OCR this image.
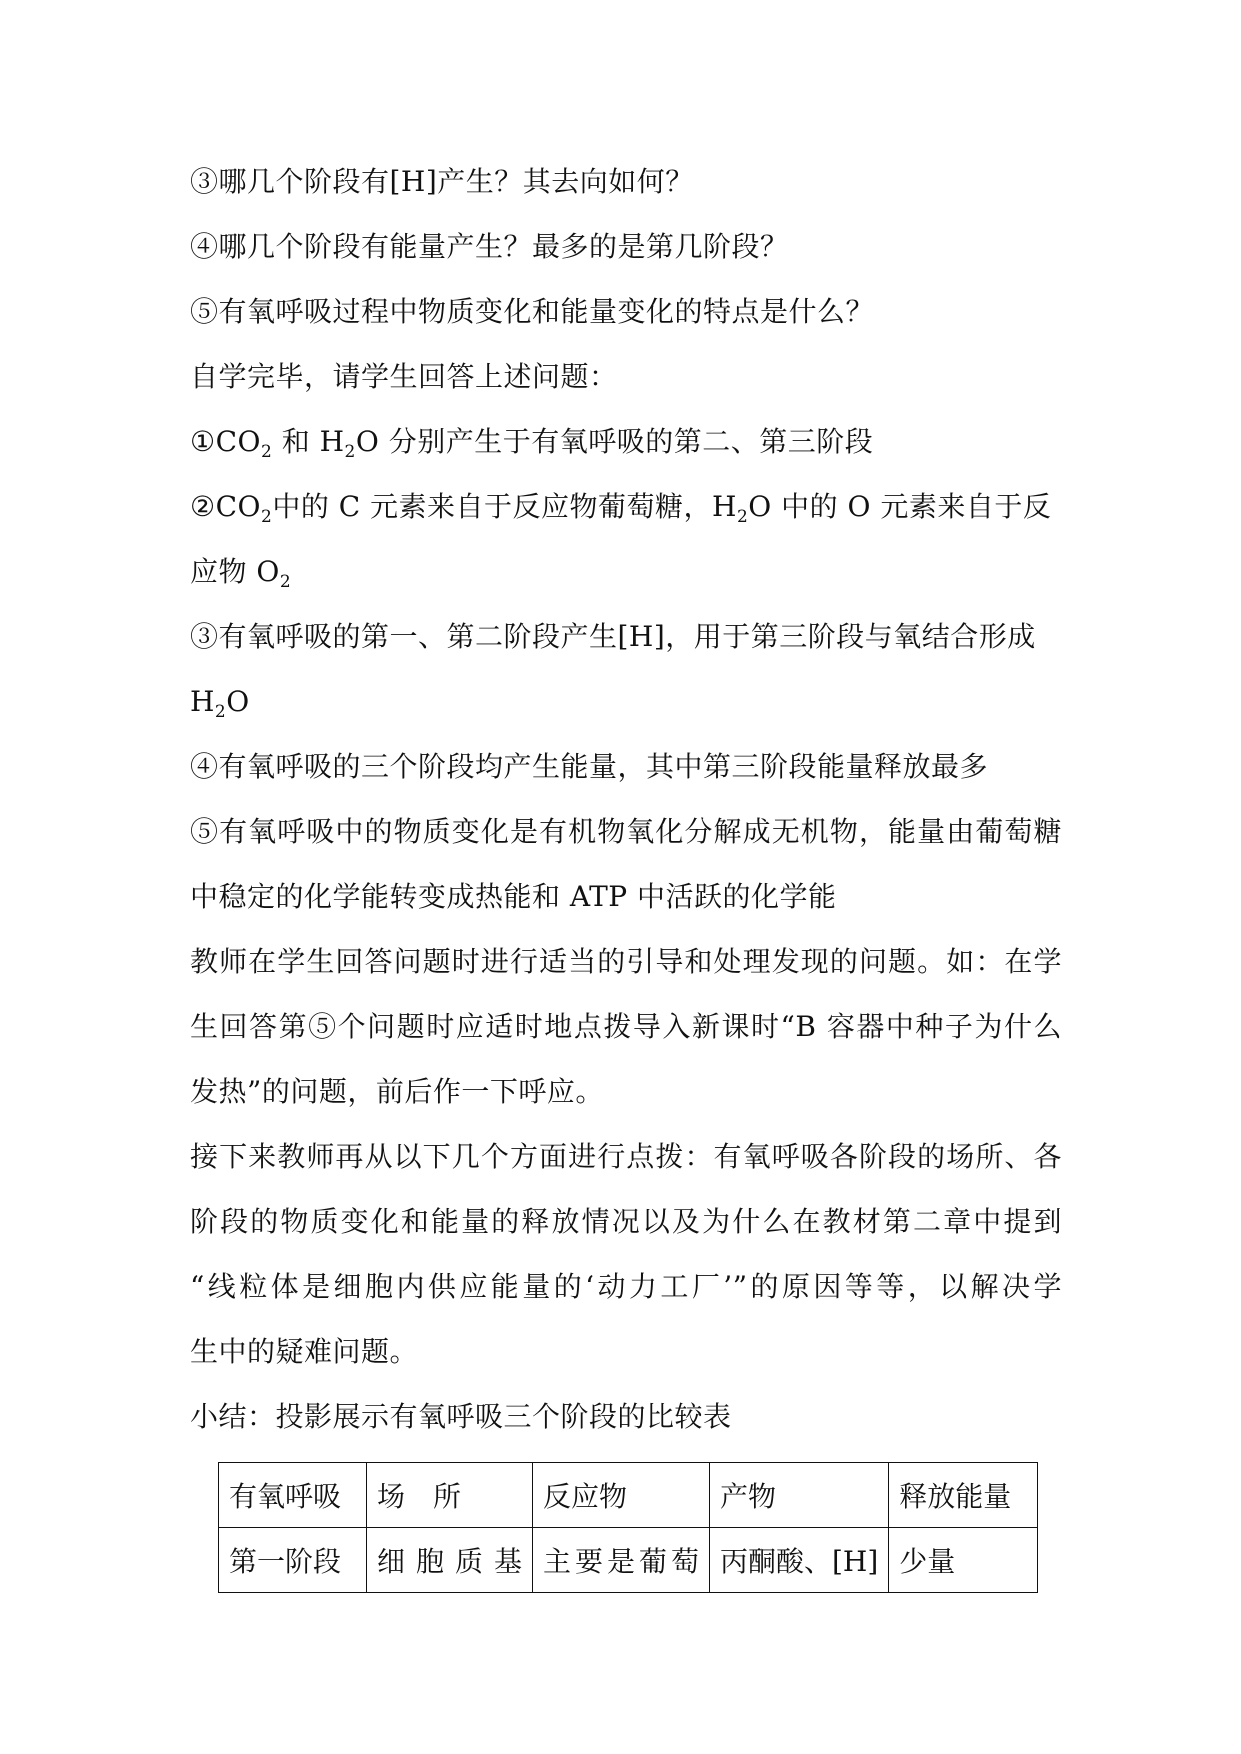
③哪几个阶段有[H]产生？其去向如何？
④哪几个阶段有能量产生？最多的是第几阶段？
⑤有氧呼吸过程中物质变化和能量变化的特点是什么？
自学完毕，请学生回答上述问题：
$①CO_2$ 和 $H_2O$ 分别产生于有氧呼吸的第二、第三阶段
$②CO_2$中的 C 元素来自于反应物葡萄糖，$H_2O$ 中的 O 元素来自于反
应物 $O_2$
③有氧呼吸的第一、第二阶段产生[H]，用于第三阶段与氧结合形成
$H_2O$
④有氧呼吸的三个阶段均产生能量，其中第三阶段能量释放最多
⑤有氧呼吸中的物质变化是有机物氧化分解成无机物，能量由葡萄糖
中稳定的化学能转变成热能和 ATP 中活跃的化学能
教师在学生回答问题时进行适当的引导和处理发现的问题。如：在学
生回答第⑤个问题时应适时地点拨导入新课时“B 容器中种子为什么
发热”的问题，前后作一下呼应。
接下来教师再从以下几个方面进行点拨：有氧呼吸各阶段的场所、各
阶段的物质变化和能量的释放情况以及为什么在教材第二章中提到
“线粒体是细胞内供应能量的‘动力工厂’”的原因等等，以解决学
生中的疑难问题。
小结：投影展示有氧呼吸三个阶段的比较表
有氧呼吸	场　所	反应物	产物	释放能量
第一阶段	细胞质基	主要是葡萄	丙酮酸、[H]	少量
